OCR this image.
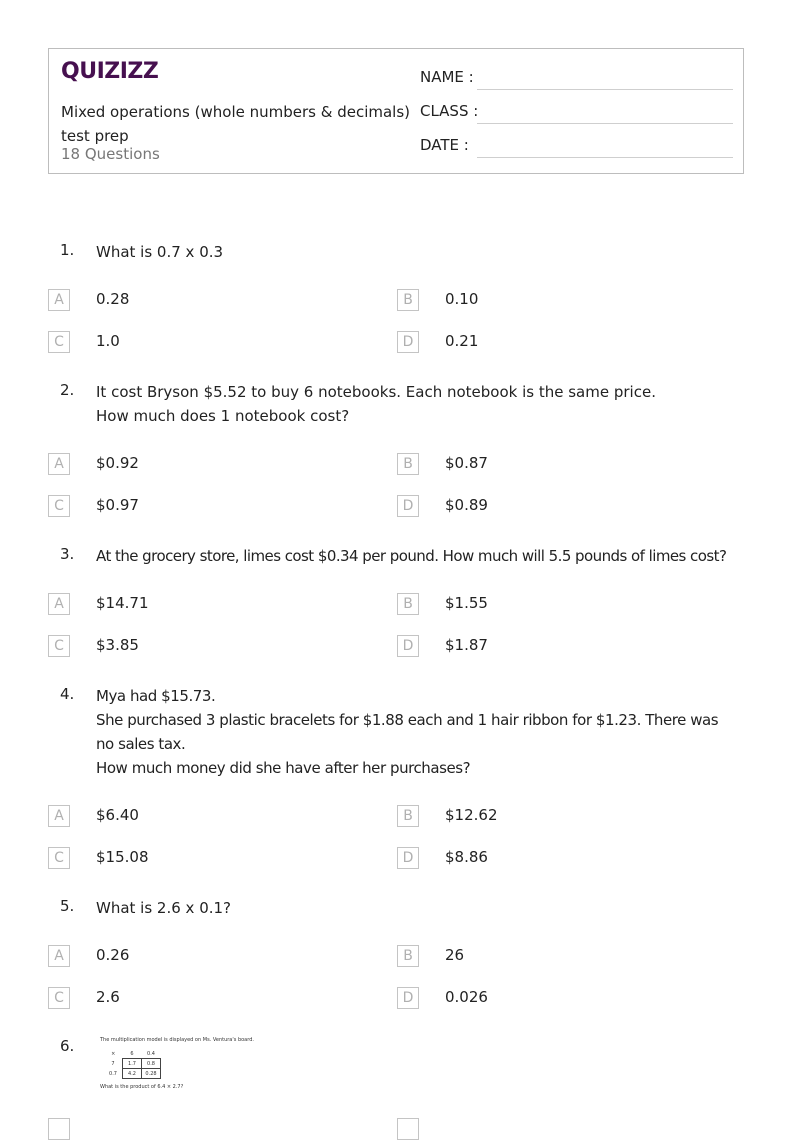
QUIZIZZ
Mixed operations (whole numbers & decimals) test prep
18 Questions
NAME :
CLASS :
DATE :
1. What is 0.7 x 0.3
A	0.28	B	0.10
C	1.0	D	0.21
2. It cost Bryson $5.52 to buy 6 notebooks. Each notebook is the same price.
How much does 1 notebook cost?
A	$0.92	B	$0.87
C	$0.97	D	$0.89
3. At the grocery store, limes cost $0.34 per pound. How much will 5.5 pounds of limes cost?
A	$14.71	B	$1.55
C	$3.85	D	$1.87
4. Mya had $15.73.
She purchased 3 plastic bracelets for $1.88 each and 1 hair ribbon for $1.23. There was
no sales tax.
How much money did she have after her purchases?
A	$6.40	B	$12.62
C	$15.08	D	$8.86
5. What is 2.6 x 0.1?
A	0.26	B	26
C	2.6	D	0.026
6.	The multiplication model is displayed on Ms. Ventura's board.
×	6	0.4
7	1.7	0.8
0.7	4.2	0.28
What is the product of 6.4 × 2.7?
